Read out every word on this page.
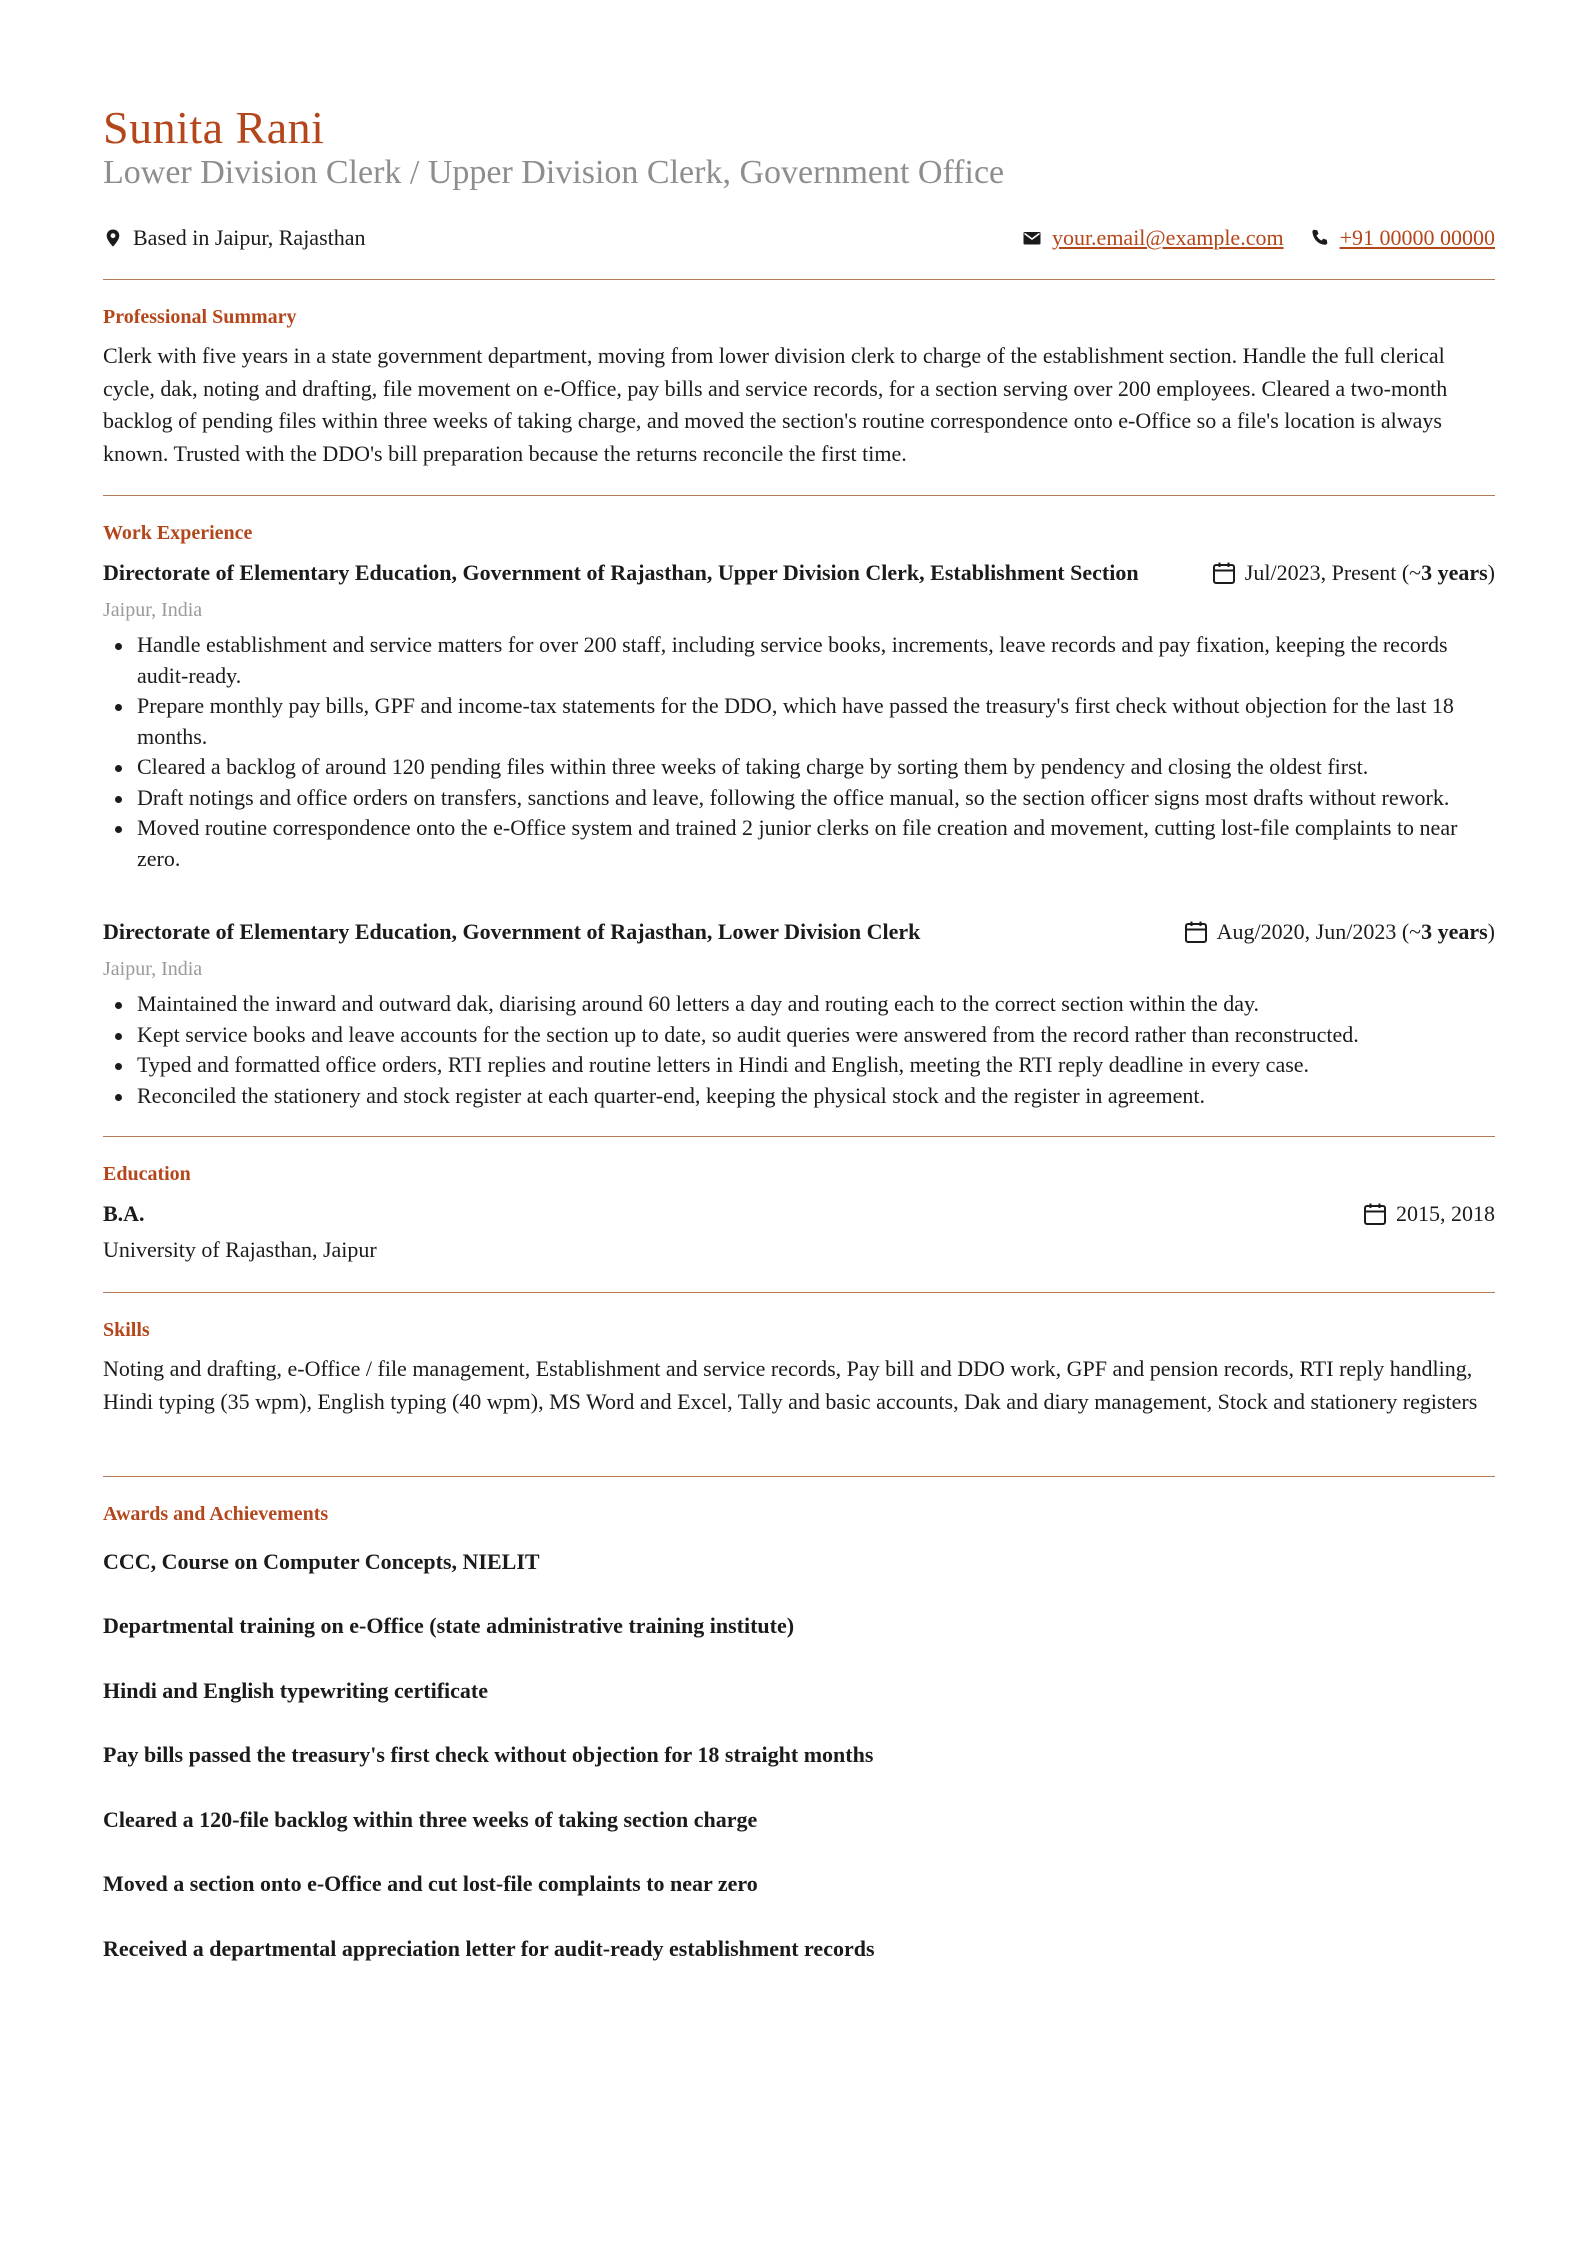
Sunita Rani
Lower Division Clerk / Upper Division Clerk, Government Office
Based in Jaipur, Rajasthan	your.email@example.com	+91 00000 00000
Professional Summary
Clerk with five years in a state government department, moving from lower division clerk to charge of the establishment section. Handle the full clerical cycle, dak, noting and drafting, file movement on e-Office, pay bills and service records, for a section serving over 200 employees. Cleared a two-month backlog of pending files within three weeks of taking charge, and moved the section's routine correspondence onto e-Office so a file's location is always known. Trusted with the DDO's bill preparation because the returns reconcile the first time.
Work Experience
Directorate of Elementary Education, Government of Rajasthan, Upper Division Clerk, Establishment Section	Jul/2023, Present (~ 3 years )
Jaipur, India
Handle establishment and service matters for over 200 staff, including service books, increments, leave records and pay fixation, keeping the records audit-ready.
Prepare monthly pay bills, GPF and income-tax statements for the DDO, which have passed the treasury's first check without objection for the last 18 months.
Cleared a backlog of around 120 pending files within three weeks of taking charge by sorting them by pendency and closing the oldest first.
Draft notings and office orders on transfers, sanctions and leave, following the office manual, so the section officer signs most drafts without rework.
Moved routine correspondence onto the e-Office system and trained 2 junior clerks on file creation and movement, cutting lost-file complaints to near zero.
Directorate of Elementary Education, Government of Rajasthan, Lower Division Clerk	Aug/2020, Jun/2023 (~ 3 years )
Jaipur, India
Maintained the inward and outward dak, diarising around 60 letters a day and routing each to the correct section within the day.
Kept service books and leave accounts for the section up to date, so audit queries were answered from the record rather than reconstructed.
Typed and formatted office orders, RTI replies and routine letters in Hindi and English, meeting the RTI reply deadline in every case.
Reconciled the stationery and stock register at each quarter-end, keeping the physical stock and the register in agreement.
Education
B.A.	2015, 2018
University of Rajasthan, Jaipur
Skills
Noting and drafting, e-Office / file management, Establishment and service records, Pay bill and DDO work, GPF and pension records, RTI reply handling, Hindi typing (35 wpm), English typing (40 wpm), MS Word and Excel, Tally and basic accounts, Dak and diary management, Stock and stationery registers
Awards and Achievements
CCC, Course on Computer Concepts, NIELIT
Departmental training on e-Office (state administrative training institute)
Hindi and English typewriting certificate
Pay bills passed the treasury's first check without objection for 18 straight months
Cleared a 120-file backlog within three weeks of taking section charge
Moved a section onto e-Office and cut lost-file complaints to near zero
Received a departmental appreciation letter for audit-ready establishment records
